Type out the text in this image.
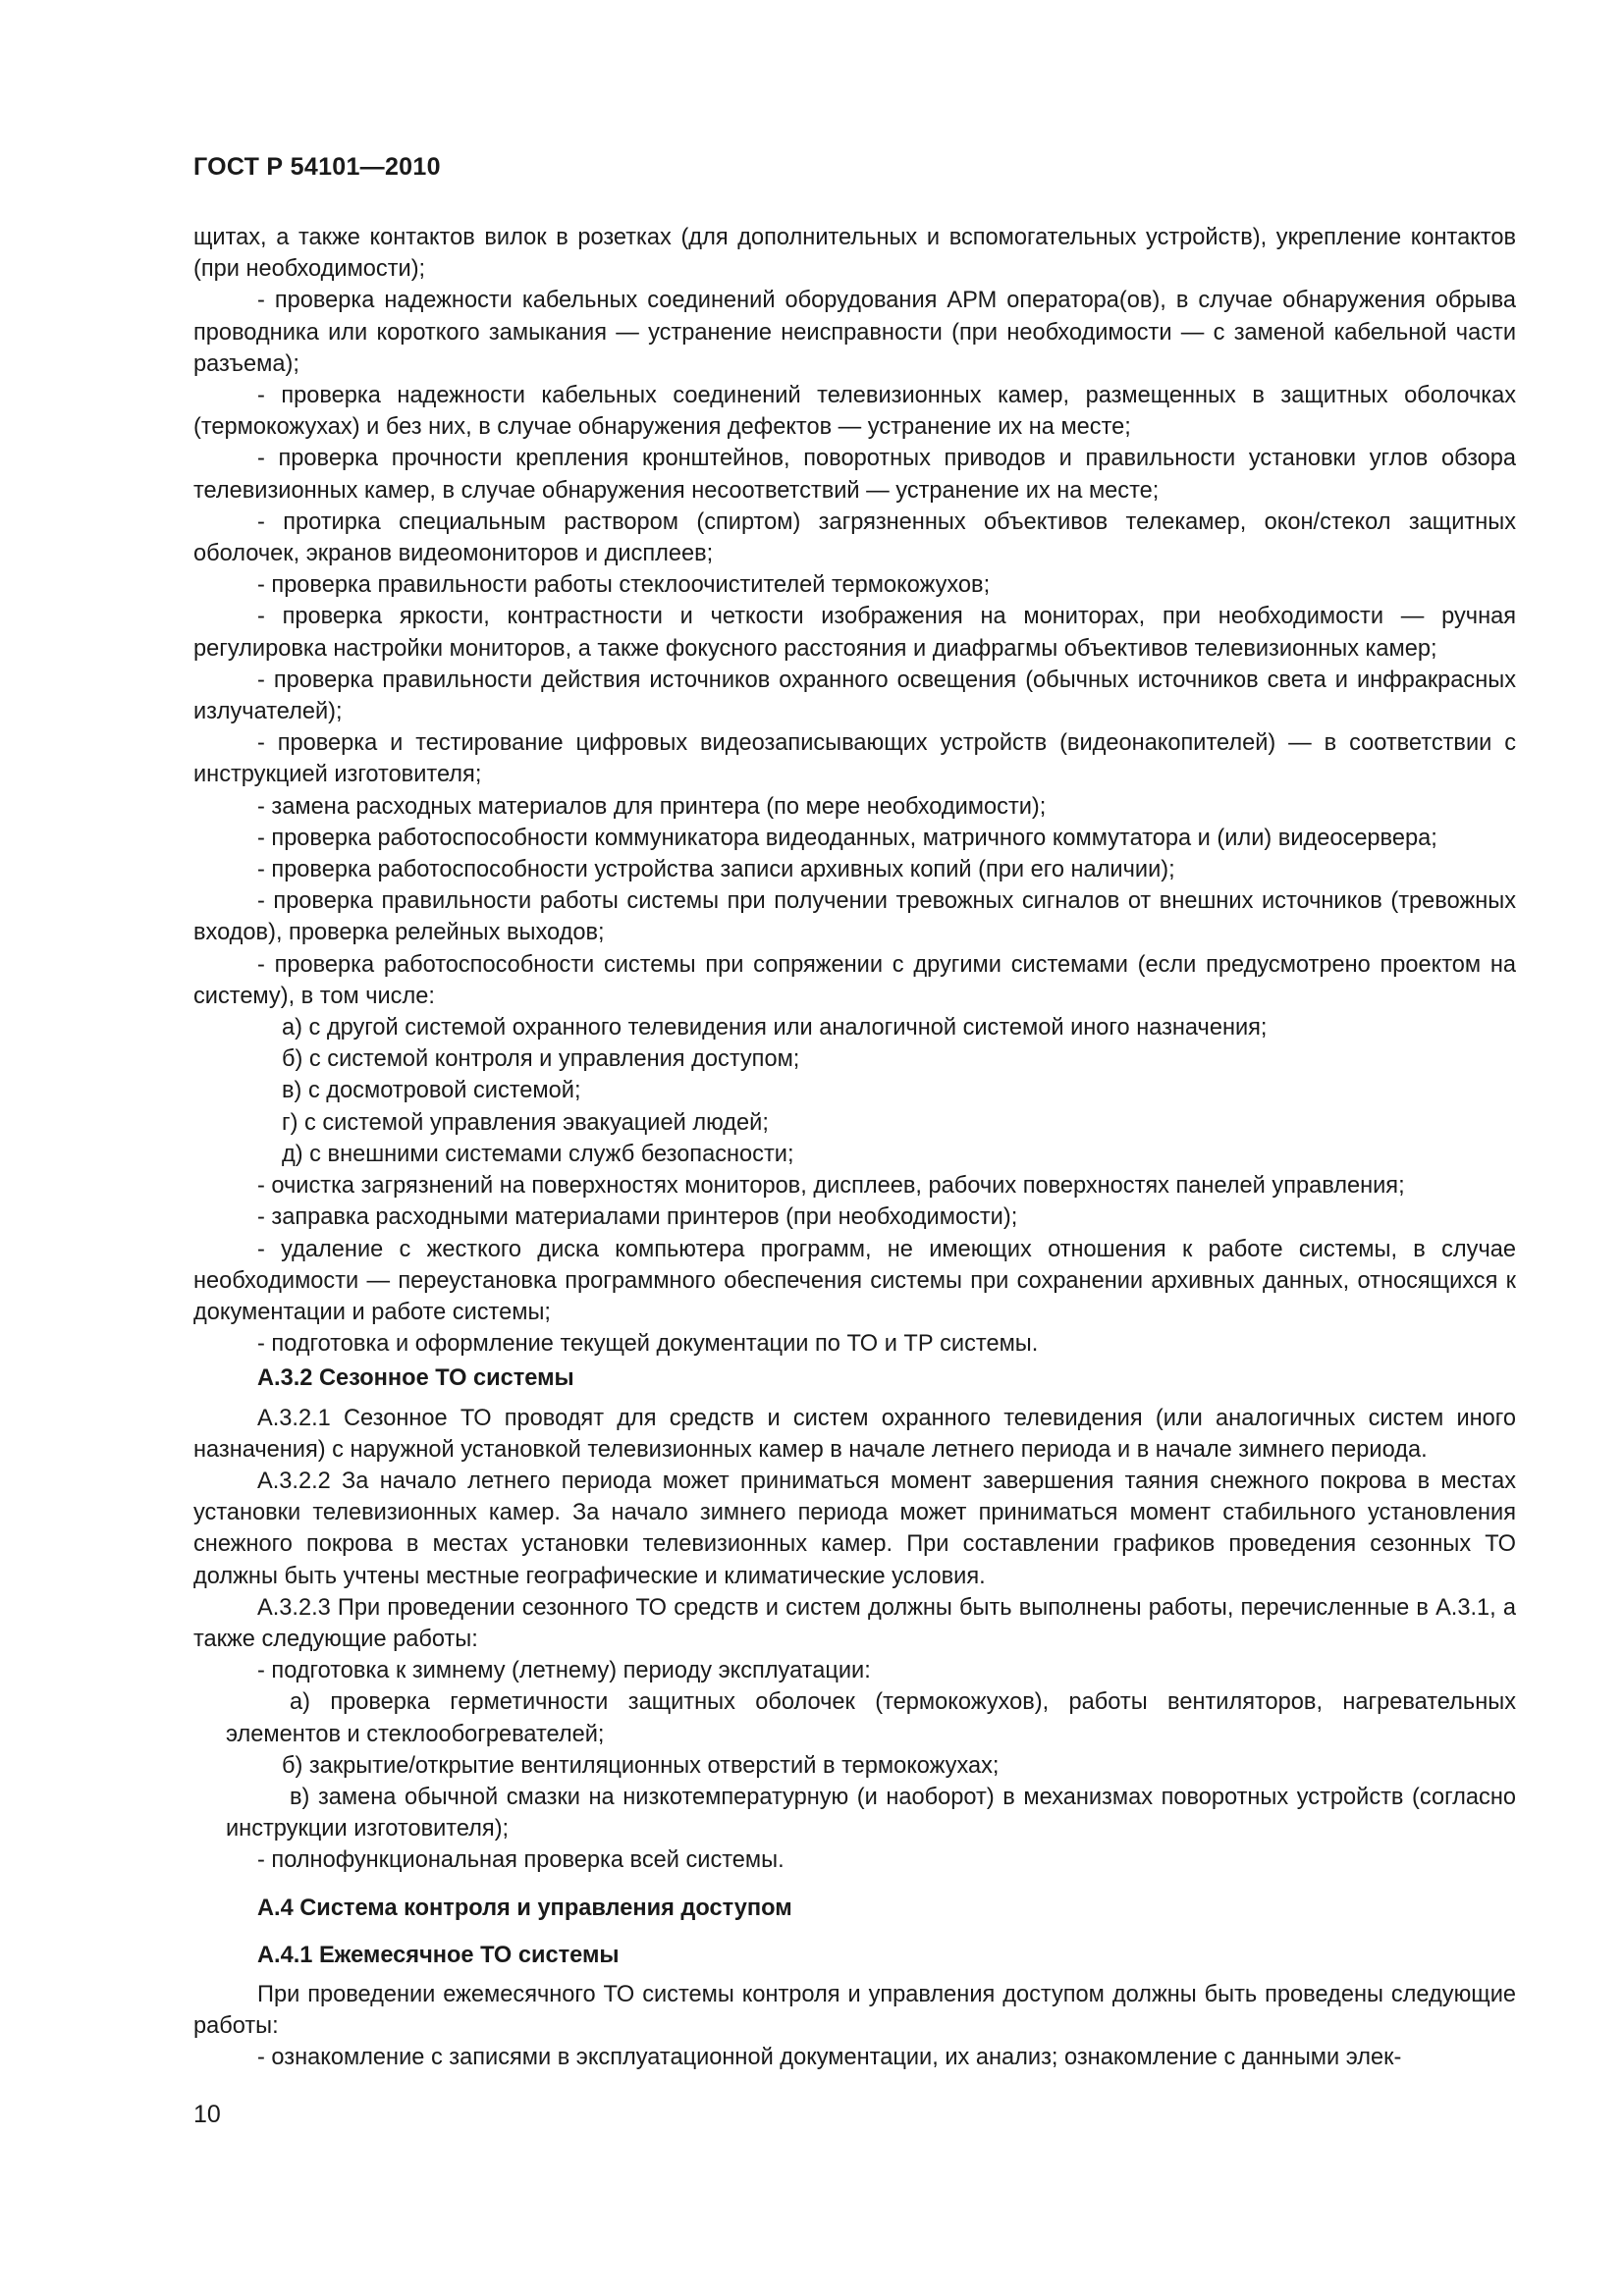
ГОСТ Р 54101—2010

щитах, а также контактов вилок в розетках (для дополнительных и вспомогательных устройств), укрепление контактов (при необходимости);

- проверка надежности кабельных соединений оборудования АРМ оператора(ов), в случае обнаружения обрыва проводника или короткого замыкания — устранение неисправности (при необходимости — с заменой кабельной части разъема);

- проверка надежности кабельных соединений телевизионных камер, размещенных в защитных оболочках (термокожухах) и без них, в случае обнаружения дефектов — устранение их на месте;

- проверка прочности крепления кронштейнов, поворотных приводов и правильности установки углов обзора телевизионных камер, в случае обнаружения несоответствий — устранение их на месте;

- протирка специальным раствором (спиртом) загрязненных объективов телекамер, окон/стекол защитных оболочек, экранов видеомониторов и дисплеев;

- проверка правильности работы стеклоочистителей термокожухов;

- проверка яркости, контрастности и четкости изображения на мониторах, при необходимости — ручная регулировка настройки мониторов, а также фокусного расстояния и диафрагмы объективов телевизионных камер;

- проверка правильности действия источников охранного освещения (обычных источников света и инфракрасных излучателей);

- проверка и тестирование цифровых видеозаписывающих устройств (видеонакопителей) — в соответствии с инструкцией изготовителя;

- замена расходных материалов для принтера (по мере необходимости);

- проверка работоспособности коммуникатора видеоданных, матричного коммутатора и (или) видеосервера;

- проверка работоспособности устройства записи архивных копий (при его наличии);

- проверка правильности работы системы при получении тревожных сигналов от внешних источников (тревожных входов), проверка релейных выходов;

- проверка работоспособности системы при сопряжении с другими системами (если предусмотрено проектом на систему), в том числе:

а) с другой системой охранного телевидения или аналогичной системой иного назначения;

б) с системой контроля и управления доступом;

в) с досмотровой системой;

г) с системой управления эвакуацией людей;

д) с внешними системами служб безопасности;

- очистка загрязнений на поверхностях мониторов, дисплеев, рабочих поверхностях панелей управления;

- заправка расходными материалами принтеров (при необходимости);

- удаление с жесткого диска компьютера программ, не имеющих отношения к работе системы, в случае необходимости — переустановка программного обеспечения системы при сохранении архивных данных, относящихся к документации и работе системы;

- подготовка и оформление текущей документации по ТО и ТР системы.

А.3.2 Сезонное ТО системы

А.3.2.1 Сезонное ТО проводят для средств и систем охранного телевидения (или аналогичных систем иного назначения) с наружной установкой телевизионных камер в начале летнего периода и в начале зимнего периода.

А.3.2.2 За начало летнего периода может приниматься момент завершения таяния снежного покрова в местах установки телевизионных камер. За начало зимнего периода может приниматься момент стабильного установления снежного покрова в местах установки телевизионных камер. При составлении графиков проведения сезонных ТО должны быть учтены местные географические и климатические условия.

А.3.2.3 При проведении сезонного ТО средств и систем должны быть выполнены работы, перечисленные в А.3.1, а также следующие работы:

- подготовка к зимнему (летнему) периоду эксплуатации:

а) проверка герметичности защитных оболочек (термокожухов), работы вентиляторов, нагревательных элементов и стеклообогревателей;

б) закрытие/открытие вентиляционных отверстий в термокожухах;

в) замена обычной смазки на низкотемпературную (и наоборот) в механизмах поворотных устройств (согласно инструкции изготовителя);

- полнофункциональная проверка всей системы.

А.4 Система контроля и управления доступом

А.4.1 Ежемесячное ТО системы

При проведении ежемесячного ТО системы контроля и управления доступом должны быть проведены следующие работы:

- ознакомление с записями в эксплуатационной документации, их анализ; ознакомление с данными элек-

10
